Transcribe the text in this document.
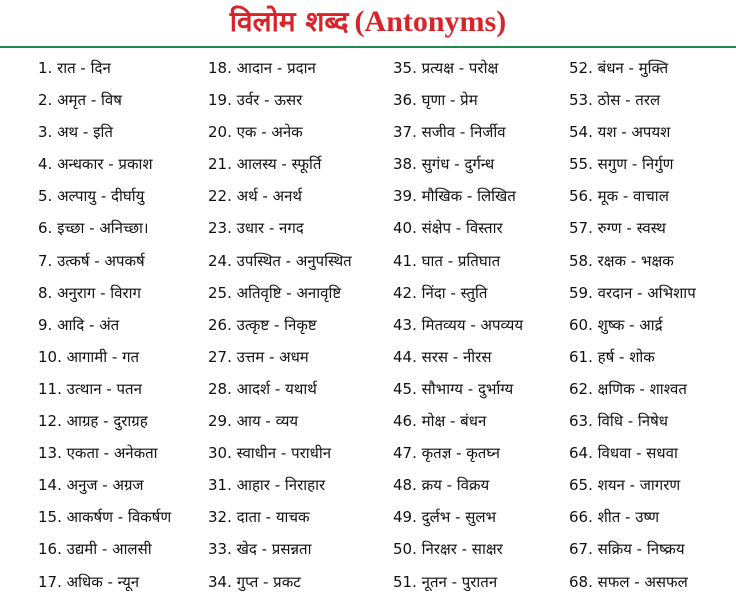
विलोम शब्द (Antonyms)
1. रात - दिन
2. अमृत - विष
3. अथ - इति
4. अन्धकार - प्रकाश
5. अल्पायु - दीर्घायु
6. इच्छा - अनिच्छा।
7. उत्कर्ष - अपकर्ष
8. अनुराग - विराग
9. आदि - अंत
10. आगामी - गत
11. उत्थान - पतन
12. आग्रह - दुराग्रह
13. एकता - अनेकता
14. अनुज - अग्रज
15. आकर्षण - विकर्षण
16. उद्यमी - आलसी
17. अधिक - न्यून
18. आदान - प्रदान
19. उर्वर - ऊसर
20. एक - अनेक
21. आलस्य - स्फूर्ति
22. अर्थ - अनर्थ
23. उधार - नगद
24. उपस्थित - अनुपस्थित
25. अतिवृष्टि - अनावृष्टि
26. उत्कृष्ट - निकृष्ट
27. उत्तम - अधम
28. आदर्श - यथार्थ
29. आय - व्यय
30. स्वाधीन - पराधीन
31. आहार - निराहार
32. दाता - याचक
33. खेद - प्रसन्नता
34. गुप्त - प्रकट
35. प्रत्यक्ष - परोक्ष
36. घृणा - प्रेम
37. सजीव - निर्जीव
38. सुगंध - दुर्गन्ध
39. मौखिक - लिखित
40. संक्षेप - विस्तार
41. घात - प्रतिघात
42. निंदा - स्तुति
43. मितव्यय - अपव्यय
44. सरस - नीरस
45. सौभाग्य - दुर्भाग्य
46. मोक्ष - बंधन
47. कृतज्ञ - कृतघ्न
48. क्रय - विक्रय
49. दुर्लभ - सुलभ
50. निरक्षर - साक्षर
51. नूतन - पुरातन
52. बंधन - मुक्ति
53. ठोस - तरल
54. यश - अपयश
55. सगुण - निर्गुण
56. मूक - वाचाल
57. रुग्ण - स्वस्थ
58. रक्षक - भक्षक
59. वरदान - अभिशाप
60. शुष्क - आर्द्र
61. हर्ष - शोक
62. क्षणिक - शाश्वत
63. विधि - निषेध
64. विधवा - सधवा
65. शयन - जागरण
66. शीत - उष्ण
67. सक्रिय - निष्क्रय
68. सफल - असफल
